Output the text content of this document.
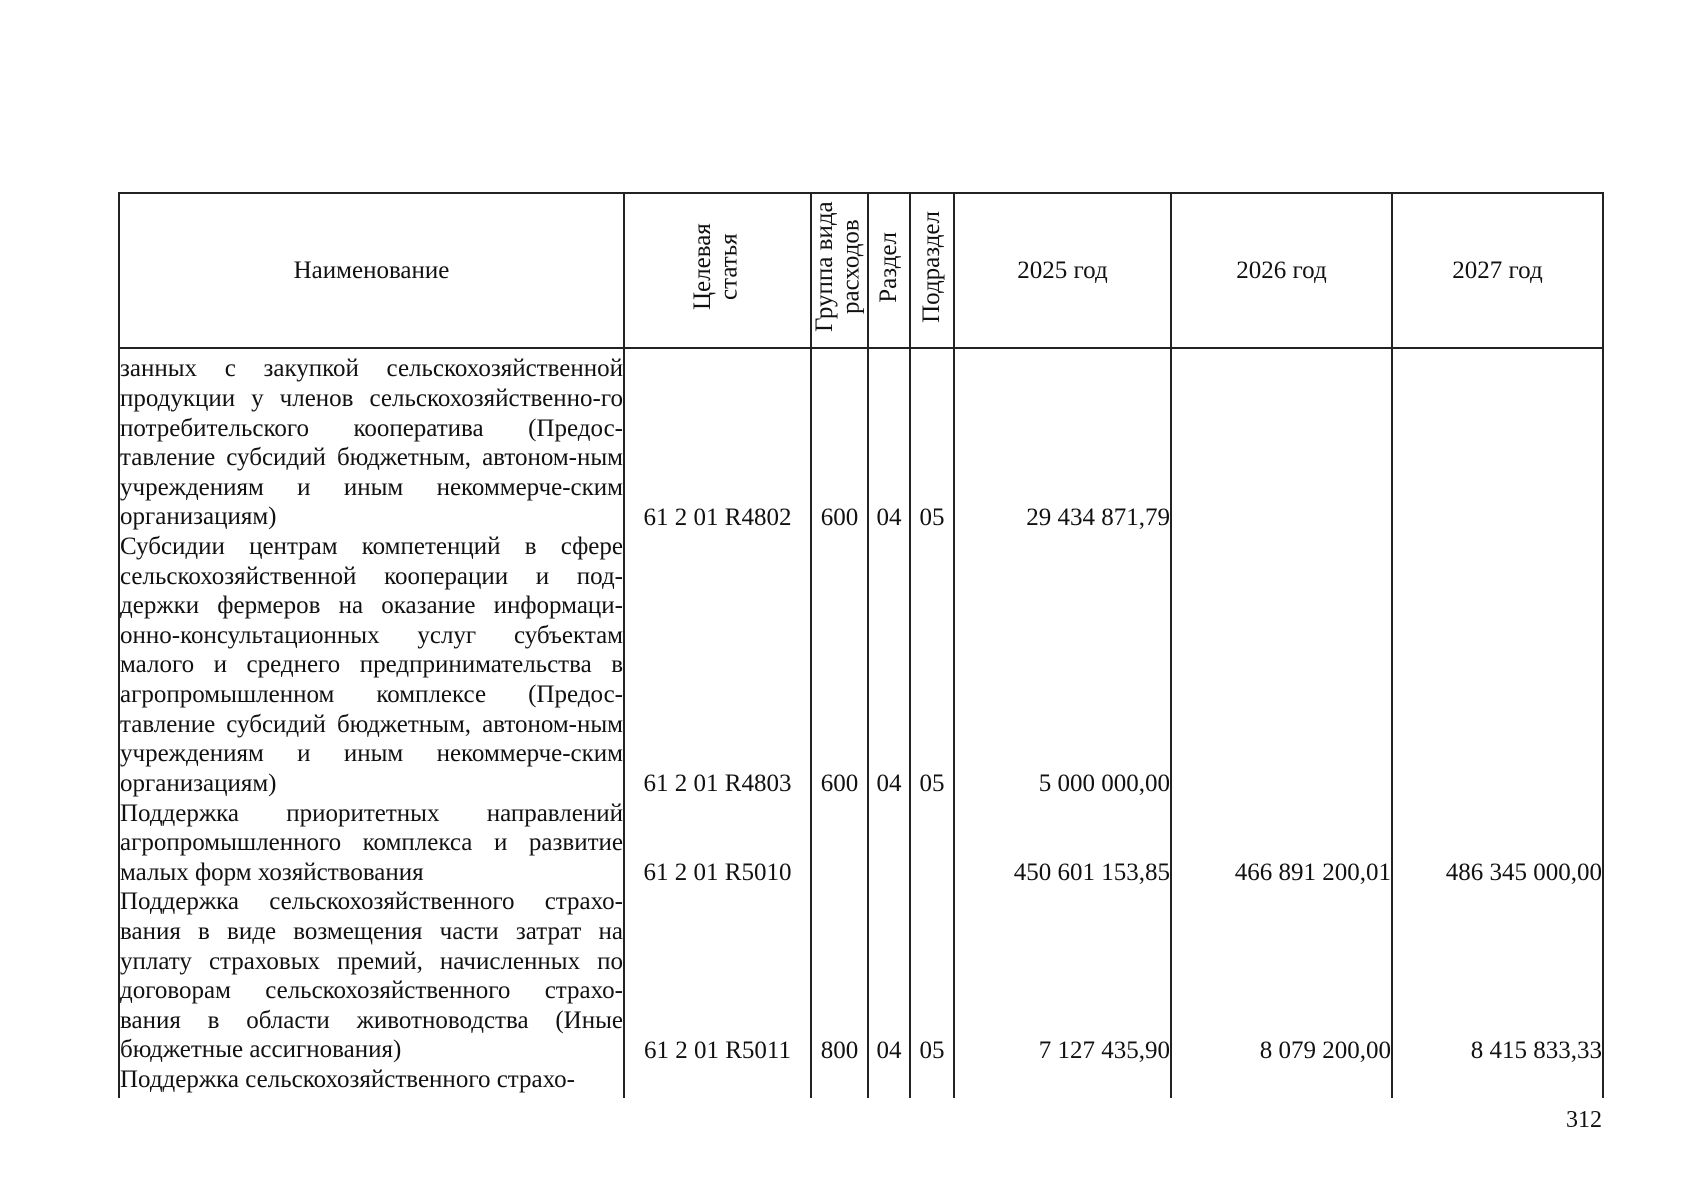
Наименование	Целевая статья	Группа вида расходов	Раздел	Подраздел	2025 год	2026 год	2027 год
занных с закупкой сельскохозяйственной продукции у членов сельскохозяйственно-го потребительского кооператива (Предос-тавление субсидий бюджетным, автоном-ным учреждениям и иным некоммерче-ским организациям)	61 2 01 R4802	600	04	05	29 434 871,79		
Субсидии центрам компетенций в сфере сельскохозяйственной кооперации и под-держки фермеров на оказание информаци-онно-консультационных услуг субъектам малого и среднего предпринимательства в агропромышленном комплексе (Предос-тавление субсидий бюджетным, автоном-ным учреждениям и иным некоммерче-ским организациям)	61 2 01 R4803	600	04	05	5 000 000,00		
Поддержка приоритетных направлений агропромышленного комплекса и развитие малых форм хозяйствования	61 2 01 R5010				450 601 153,85	466 891 200,01	486 345 000,00
Поддержка сельскохозяйственного страхо-вания в виде возмещения части затрат на уплату страховых премий, начисленных по договорам сельскохозяйственного страхо-вания в области животноводства (Иные бюджетные ассигнования)	61 2 01 R5011	800	04	05	7 127 435,90	8 079 200,00	8 415 833,33
Поддержка сельскохозяйственного страхо-							
312
